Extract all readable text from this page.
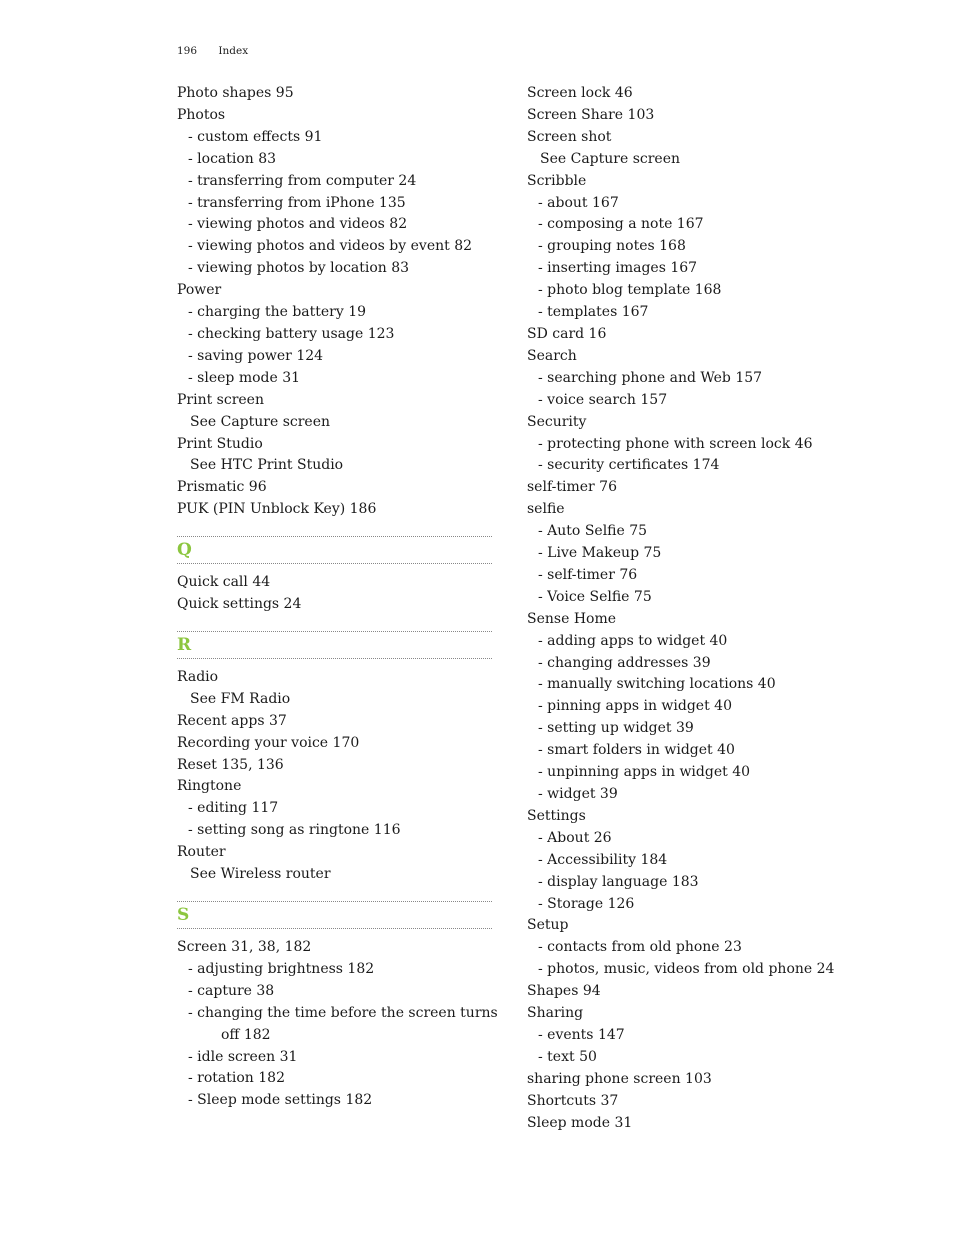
196 Index
Photo shapes 95
Photos
- custom effects 91
- location 83
- transferring from computer 24
- transferring from iPhone 135
- viewing photos and videos 82
- viewing photos and videos by event 82
- viewing photos by location 83
Power
- charging the battery 19
- checking battery usage 123
- saving power 124
- sleep mode 31
Print screen
See Capture screen
Print Studio
See HTC Print Studio
Prismatic 96
PUK (PIN Unblock Key) 186
Q
Quick call 44
Quick settings 24
R
Radio
See FM Radio
Recent apps 37
Recording your voice 170
Reset 135, 136
Ringtone
- editing 117
- setting song as ringtone 116
Router
See Wireless router
S
Screen 31, 38, 182
- adjusting brightness 182
- capture 38
- changing the time before the screen turns
off 182
- idle screen 31
- rotation 182
- Sleep mode settings 182
Screen lock 46
Screen Share 103
Screen shot
See Capture screen
Scribble
- about 167
- composing a note 167
- grouping notes 168
- inserting images 167
- photo blog template 168
- templates 167
SD card 16
Search
- searching phone and Web 157
- voice search 157
Security
- protecting phone with screen lock 46
- security certificates 174
self-timer 76
selfie
- Auto Selfie 75
- Live Makeup 75
- self-timer 76
- Voice Selfie 75
Sense Home
- adding apps to widget 40
- changing addresses 39
- manually switching locations 40
- pinning apps in widget 40
- setting up widget 39
- smart folders in widget 40
- unpinning apps in widget 40
- widget 39
Settings
- About 26
- Accessibility 184
- display language 183
- Storage 126
Setup
- contacts from old phone 23
- photos, music, videos from old phone 24
Shapes 94
Sharing
- events 147
- text 50
sharing phone screen 103
Shortcuts 37
Sleep mode 31
